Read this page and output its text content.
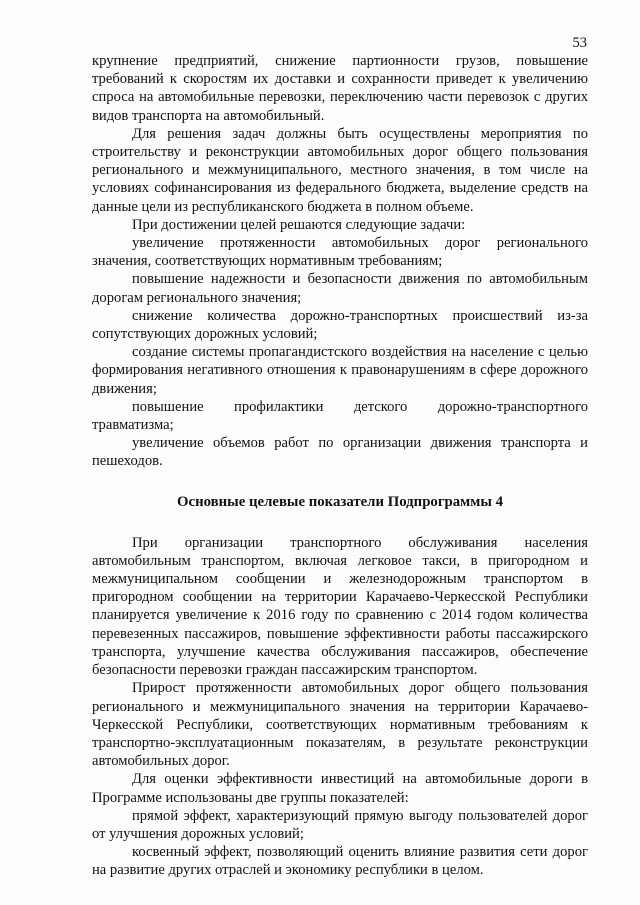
53

крупнение предприятий, снижение партионности грузов, повышение требований к скоростям их доставки и сохранности приведет к увеличению спроса на автомобильные перевозки, переключению части перевозок с других видов транспорта на автомобильный.

Для решения задач должны быть осуществлены мероприятия по строительству и реконструкции автомобильных дорог общего пользования регионального и межмуниципального, местного значения, в том числе на условиях софинансирования из федерального бюджета, выделение средств на данные цели из республиканского бюджета в полном объеме.

При достижении целей решаются следующие задачи:

увеличение протяженности автомобильных дорог регионального значения, соответствующих нормативным требованиям;

повышение надежности и безопасности движения по автомобильным дорогам регионального значения;

снижение количества дорожно-транспортных происшествий из-за сопутствующих дорожных условий;

создание системы пропагандистского воздействия на население с целью формирования негативного отношения к правонарушениям в сфере дорожного движения;

повышение профилактики детского дорожно-транспортного травматизма;

увеличение объемов работ по организации движения транспорта и пешеходов.

Основные целевые показатели Подпрограммы 4

При организации транспортного обслуживания населения автомобильным транспортом, включая легковое такси, в пригородном и межмуниципальном сообщении и железнодорожным транспортом в пригородном сообщении на территории Карачаево-Черкесской Республики планируется увеличение к 2016 году по сравнению с 2014 годом количества перевезенных пассажиров, повышение эффективности работы пассажирского транспорта, улучшение качества обслуживания пассажиров, обеспечение безопасности перевозки граждан пассажирским транспортом.

Прирост протяженности автомобильных дорог общего пользования регионального и межмуниципального значения на территории Карачаево-Черкесской Республики, соответствующих нормативным требованиям к транспортно-эксплуатационным показателям, в результате реконструкции автомобильных дорог.

Для оценки эффективности инвестиций на автомобильные дороги в Программе использованы две группы показателей:

прямой эффект, характеризующий прямую выгоду пользователей дорог от улучшения дорожных условий;

косвенный эффект, позволяющий оценить влияние развития сети дорог на развитие других отраслей и экономику республики в целом.
